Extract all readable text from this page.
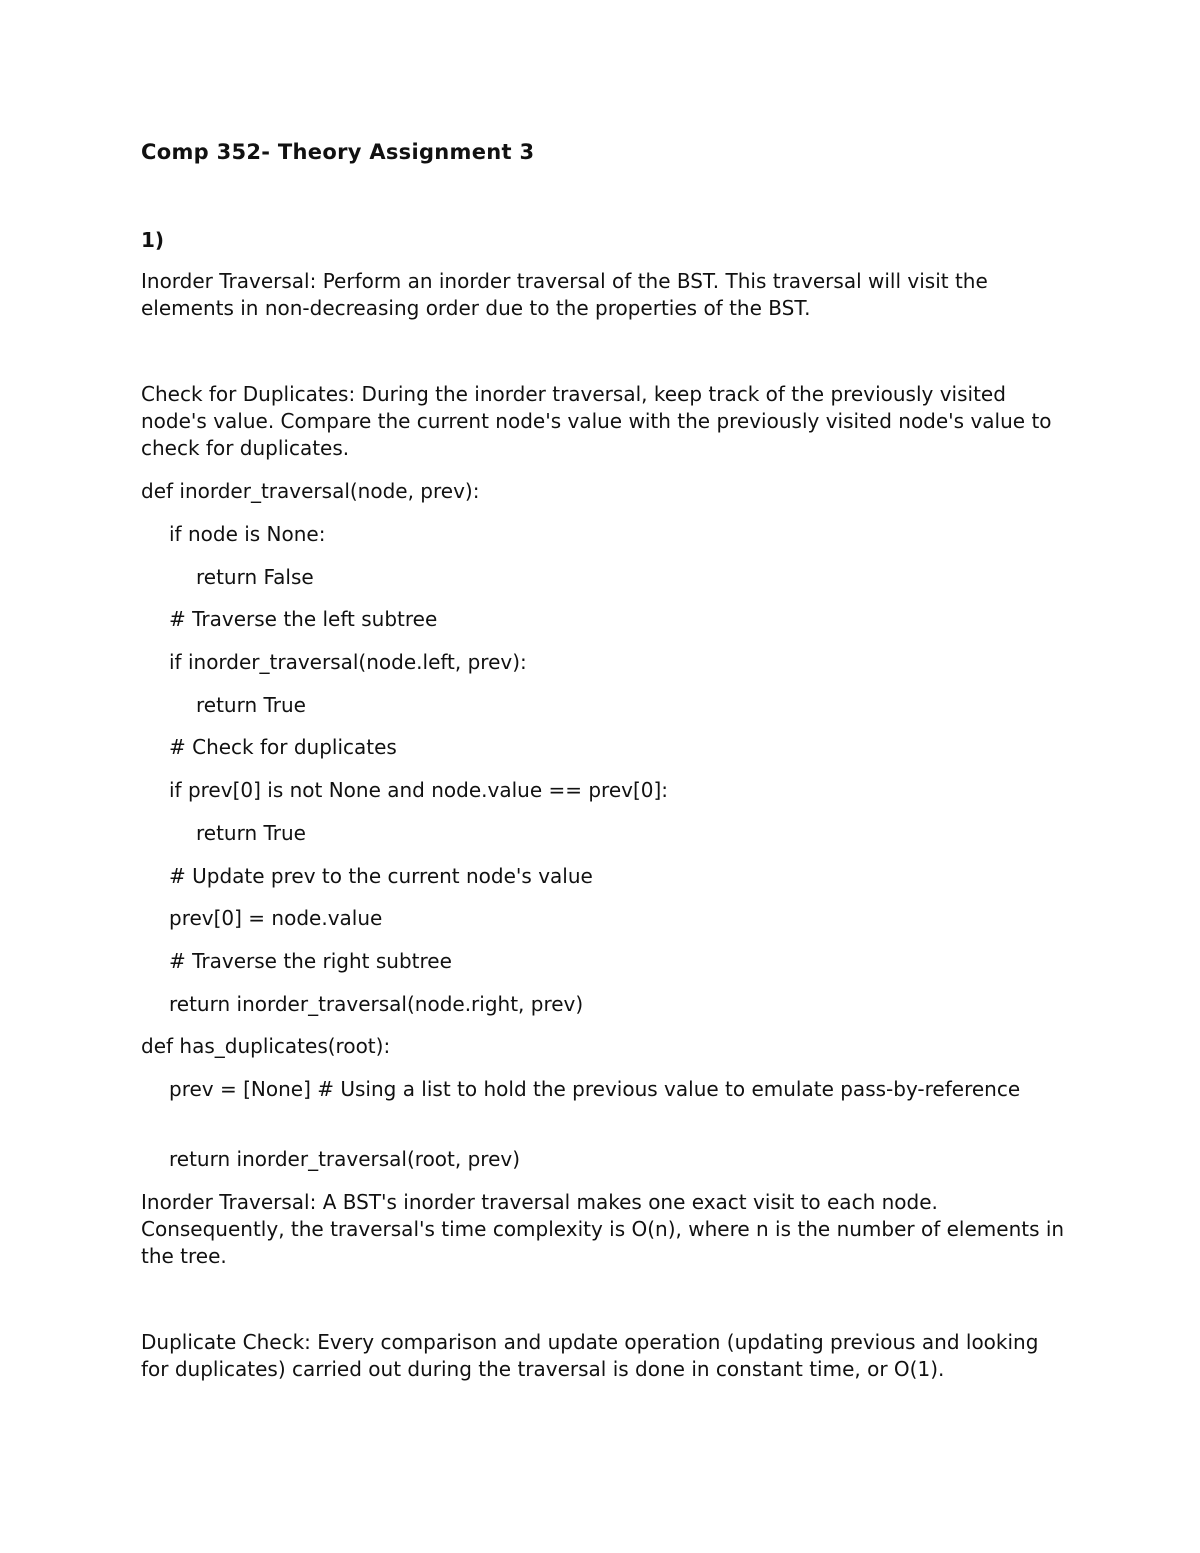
Comp 352- Theory Assignment 3
1)
Inorder Traversal: Perform an inorder traversal of the BST. This traversal will visit the elements in non-decreasing order due to the properties of the BST.
Check for Duplicates: During the inorder traversal, keep track of the previously visited node's value. Compare the current node's value with the previously visited node's value to check for duplicates.
def inorder_traversal(node, prev):
if node is None:
return False
# Traverse the left subtree
if inorder_traversal(node.left, prev):
return True
# Check for duplicates
if prev[0] is not None and node.value == prev[0]:
return True
# Update prev to the current node's value
prev[0] = node.value
# Traverse the right subtree
return inorder_traversal(node.right, prev)
def has_duplicates(root):
prev = [None] # Using a list to hold the previous value to emulate pass-by-reference
return inorder_traversal(root, prev)
Inorder Traversal: A BST's inorder traversal makes one exact visit to each node. Consequently, the traversal's time complexity is O(n), where n is the number of elements in the tree.
Duplicate Check: Every comparison and update operation (updating previous and looking for duplicates) carried out during the traversal is done in constant time, or O(1).
